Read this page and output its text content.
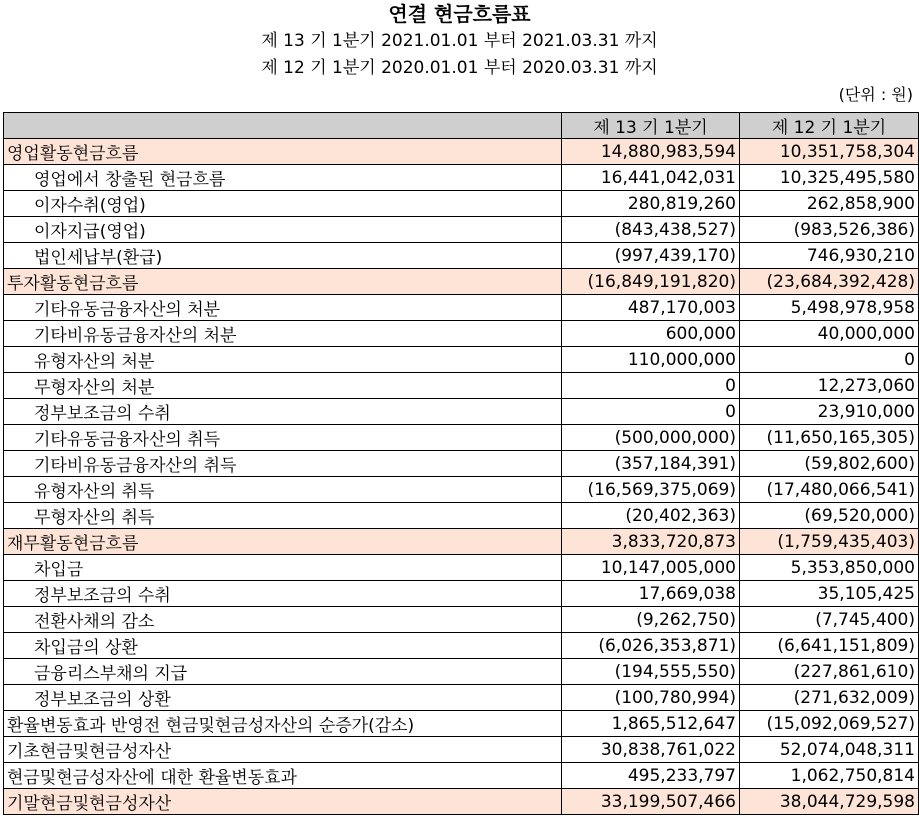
연결 현금흐름표
제 13 기 1분기 2021.01.01 부터 2021.03.31 까지
제 12 기 1분기 2020.01.01 부터 2020.03.31 까지
(단위 : 원)
	제 13 기 1분기	제 12 기 1분기
영업활동현금흐름	14,880,983,594	10,351,758,304
영업에서 창출된 현금흐름	16,441,042,031	10,325,495,580
이자수취(영업)	280,819,260	262,858,900
이자지급(영업)	(843,438,527)	(983,526,386)
법인세납부(환급)	(997,439,170)	746,930,210
투자활동현금흐름	(16,849,191,820)	(23,684,392,428)
기타유동금융자산의 처분	487,170,003	5,498,978,958
기타비유동금융자산의 처분	600,000	40,000,000
유형자산의 처분	110,000,000	0
무형자산의 처분	0	12,273,060
정부보조금의 수취	0	23,910,000
기타유동금융자산의 취득	(500,000,000)	(11,650,165,305)
기타비유동금융자산의 취득	(357,184,391)	(59,802,600)
유형자산의 취득	(16,569,375,069)	(17,480,066,541)
무형자산의 취득	(20,402,363)	(69,520,000)
재무활동현금흐름	3,833,720,873	(1,759,435,403)
차입금	10,147,005,000	5,353,850,000
정부보조금의 수취	17,669,038	35,105,425
전환사채의 감소	(9,262,750)	(7,745,400)
차입금의 상환	(6,026,353,871)	(6,641,151,809)
금융리스부채의 지급	(194,555,550)	(227,861,610)
정부보조금의 상환	(100,780,994)	(271,632,009)
환율변동효과 반영전 현금및현금성자산의 순증가(감소)	1,865,512,647	(15,092,069,527)
기초현금및현금성자산	30,838,761,022	52,074,048,311
현금및현금성자산에 대한 환율변동효과	495,233,797	1,062,750,814
기말현금및현금성자산	33,199,507,466	38,044,729,598
